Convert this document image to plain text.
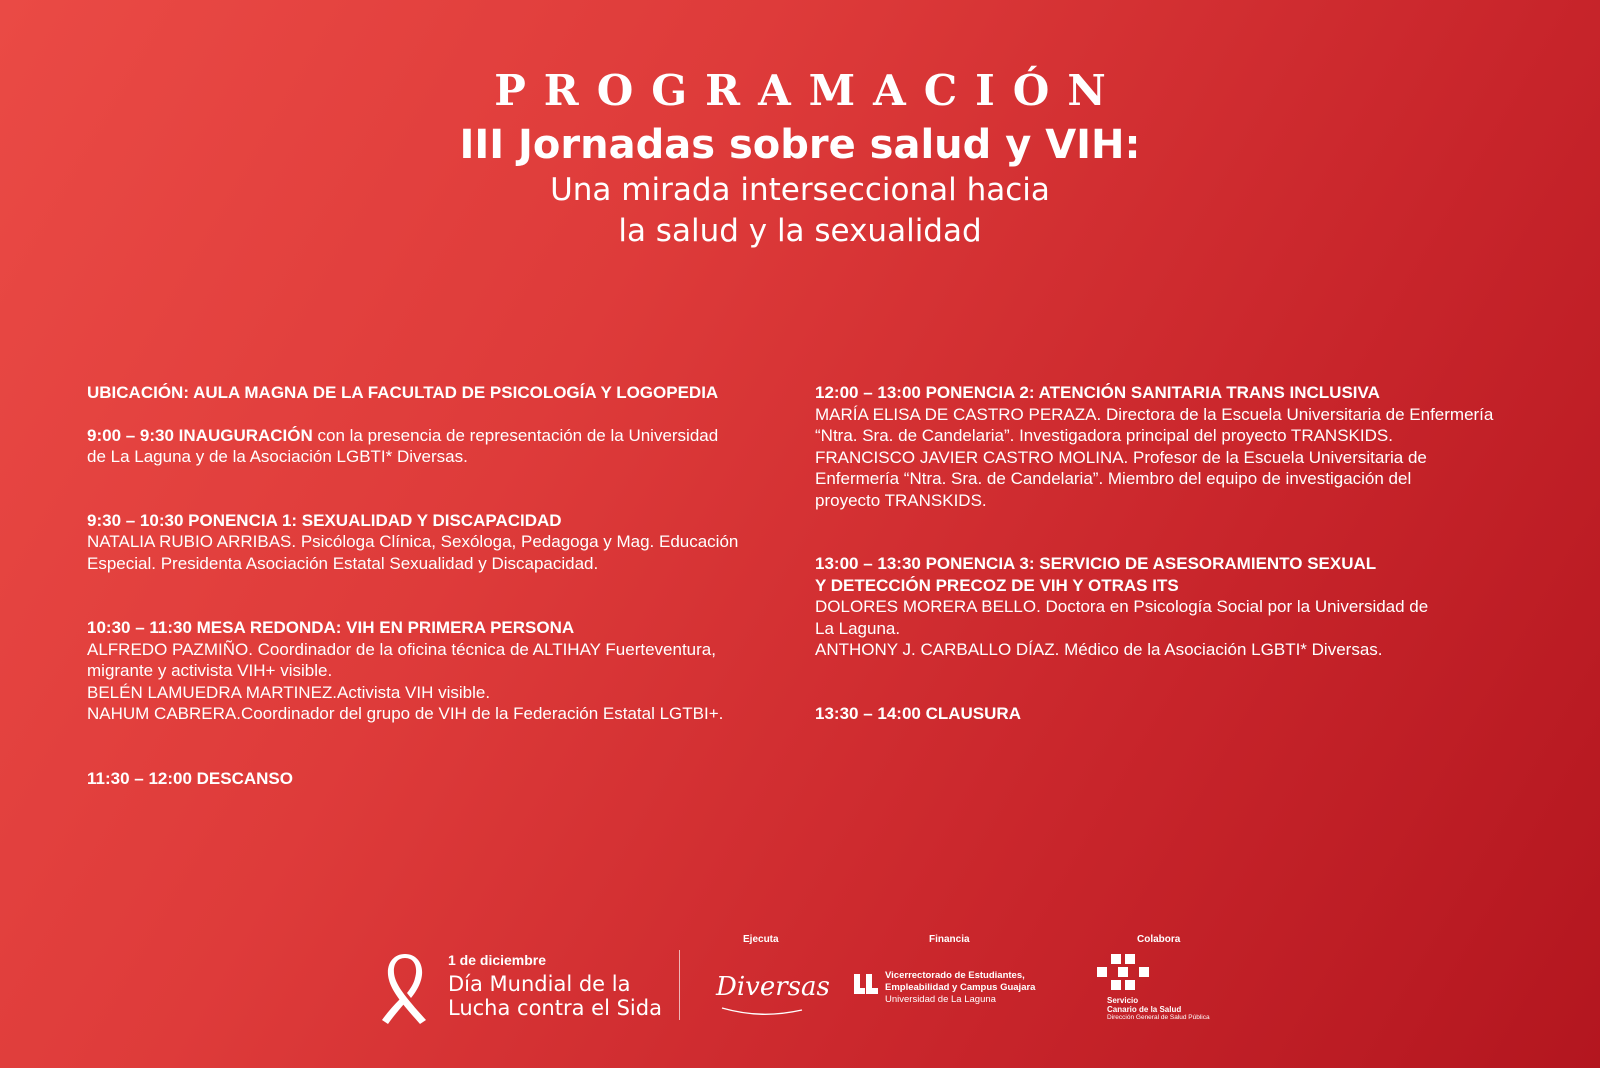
PROGRAMACIÓN
III Jornadas sobre salud y VIH:
Una mirada interseccional hacia
la salud y la sexualidad
UBICACIÓN: AULA MAGNA DE LA FACULTAD DE PSICOLOGÍA Y LOGOPEDIA
9:00 – 9:30 INAUGURACIÓN con la presencia de representación de la Universidad
de La Laguna y de la Asociación LGBTI* Diversas.
9:30 – 10:30 PONENCIA 1: SEXUALIDAD Y DISCAPACIDAD
NATALIA RUBIO ARRIBAS. Psicóloga Clínica, Sexóloga, Pedagoga y Mag. Educación
Especial. Presidenta Asociación Estatal Sexualidad y Discapacidad.
10:30 – 11:30 MESA REDONDA: VIH EN PRIMERA PERSONA
ALFREDO PAZMIÑO. Coordinador de la oficina técnica de ALTIHAY Fuerteventura,
migrante y activista VIH+ visible.
BELÉN LAMUEDRA MARTINEZ.Activista VIH visible.
NAHUM CABRERA.Coordinador del grupo de VIH de la Federación Estatal LGTBI+.
11:30 – 12:00 DESCANSO
12:00 – 13:00 PONENCIA 2: ATENCIÓN SANITARIA TRANS INCLUSIVA
MARÍA ELISA DE CASTRO PERAZA. Directora de la Escuela Universitaria de Enfermería
“Ntra. Sra. de Candelaria”. Investigadora principal del proyecto TRANSKIDS.
FRANCISCO JAVIER CASTRO MOLINA. Profesor de la Escuela Universitaria de
Enfermería “Ntra. Sra. de Candelaria”. Miembro del equipo de investigación del
proyecto TRANSKIDS.
13:00 – 13:30 PONENCIA 3: SERVICIO DE ASESORAMIENTO SEXUAL
Y DETECCIÓN PRECOZ DE VIH Y OTRAS ITS
DOLORES MORERA BELLO. Doctora en Psicología Social por la Universidad de
La Laguna.
ANTHONY J. CARBALLO DÍAZ. Médico de la Asociación LGBTI* Diversas.
13:30 – 14:00 CLAUSURA
1 de diciembre
Día Mundial de la
Lucha contra el Sida
Ejecuta
Diversas
Financia
Vicerrectorado de Estudiantes,
Empleabilidad y Campus Guajara
Universidad de La Laguna
Colabora
Servicio
Canario de la Salud
Dirección General de Salud Pública
